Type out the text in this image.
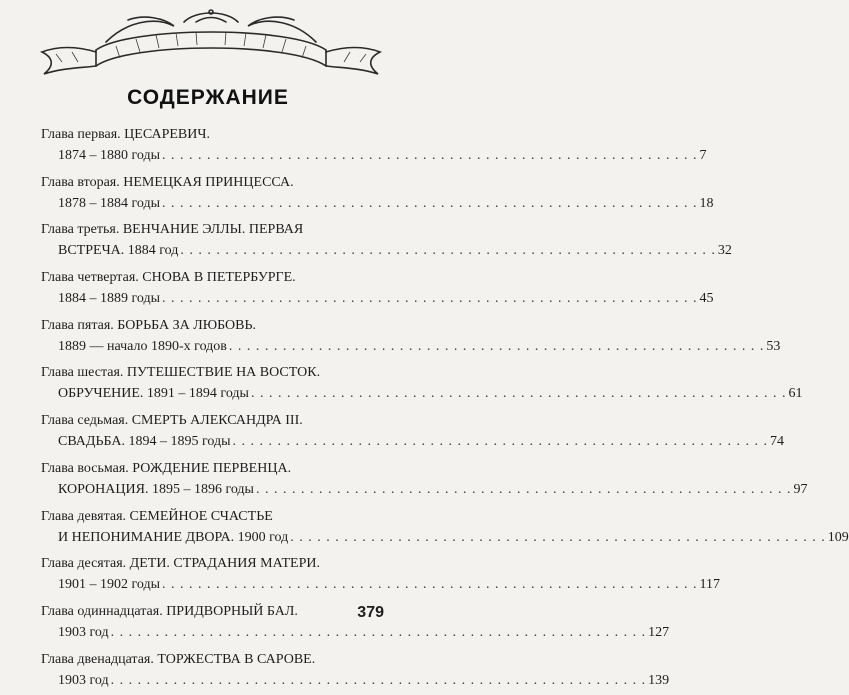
СОДЕРЖАНИЕ
Глава первая. ЦЕСАРЕВИЧ.
1874 – 1880 годы . . . . . . . . . . . . . . . . . . . . . . . . . . . . . . . . . . . . . . . . . . . . . . . . . . . . . . . . . . . . 7
Глава вторая. НЕМЕЦКАЯ ПРИНЦЕССА.
1878 – 1884 годы . . . . . . . . . . . . . . . . . . . . . . . . . . . . . . . . . . . . . . . . . . . . . . . . . . . . . . . . . . . . 18
Глава третья. ВЕНЧАНИЕ ЭЛЛЫ. ПЕРВАЯ
ВСТРЕЧА. 1884 год . . . . . . . . . . . . . . . . . . . . . . . . . . . . . . . . . . . . . . . . . . . . . . . . . . . . . . . . . . . . 32
Глава четвертая. СНОВА В ПЕТЕРБУРГЕ.
1884 – 1889 годы . . . . . . . . . . . . . . . . . . . . . . . . . . . . . . . . . . . . . . . . . . . . . . . . . . . . . . . . . . . . 45
Глава пятая. БОРЬБА ЗА ЛЮБОВЬ.
1889 — начало 1890-х годов . . . . . . . . . . . . . . . . . . . . . . . . . . . . . . . . . . . . . . . . . . . . . . . . . . . . . . . . . . . . 53
Глава шестая. ПУТЕШЕСТВИЕ НА ВОСТОК.
ОБРУЧЕНИЕ. 1891 – 1894 годы . . . . . . . . . . . . . . . . . . . . . . . . . . . . . . . . . . . . . . . . . . . . . . . . . . . . . . . . . . . . 61
Глава седьмая. СМЕРТЬ АЛЕКСАНДРА III.
СВАДЬБА. 1894 – 1895 годы . . . . . . . . . . . . . . . . . . . . . . . . . . . . . . . . . . . . . . . . . . . . . . . . . . . . . . . . . . . . 74
Глава восьмая. РОЖДЕНИЕ ПЕРВЕНЦА.
КОРОНАЦИЯ. 1895 – 1896 годы . . . . . . . . . . . . . . . . . . . . . . . . . . . . . . . . . . . . . . . . . . . . . . . . . . . . . . . . . . . . 97
Глава девятая. СЕМЕЙНОЕ СЧАСТЬЕ
И НЕПОНИМАНИЕ ДВОРА. 1900 год . . . . . . . . . . . . . . . . . . . . . . . . . . . . . . . . . . . . . . . . . . . . . . . . . . . . . . . . . . . . 109
Глава десятая. ДЕТИ. СТРАДАНИЯ МАТЕРИ.
1901 – 1902 годы . . . . . . . . . . . . . . . . . . . . . . . . . . . . . . . . . . . . . . . . . . . . . . . . . . . . . . . . . . . . 117
Глава одиннадцатая. ПРИДВОРНЫЙ БАЛ.
1903 год . . . . . . . . . . . . . . . . . . . . . . . . . . . . . . . . . . . . . . . . . . . . . . . . . . . . . . . . . . . . 127
Глава двенадцатая. ТОРЖЕСТВА В САРОВЕ.
1903 год . . . . . . . . . . . . . . . . . . . . . . . . . . . . . . . . . . . . . . . . . . . . . . . . . . . . . . . . . . . . 139
379
